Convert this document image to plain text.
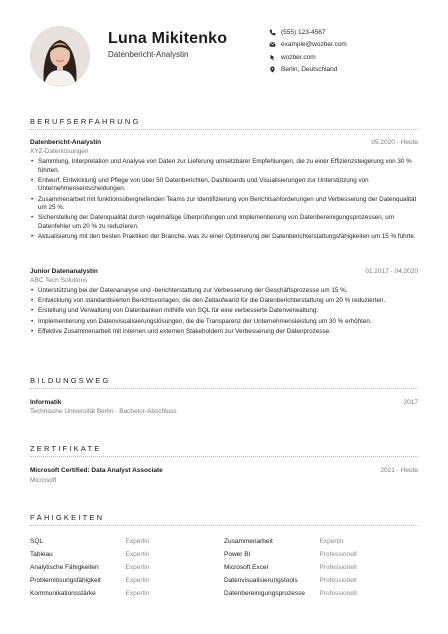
Luna Mikitenko
Datenbericht-Analystin
(555) 123-4567
example@wozber.com
wozber.com
Berlin, Deutschland
BERUFSERFAHRUNG
Datenbericht-Analystin	05.2020 - Heute
XYZ-Datenlösungen
• Sammlung, Interpretation und Analyse von Daten zur Lieferung umsetzbarer Empfehlungen, die zu einer Effizienzsteigerung von 30 % führten.
• Entwurf, Entwicklung und Pflege von über 50 Datenberichten, Dashboards und Visualisierungen zur Unterstützung von Unternehmensentscheidungen.
• Zusammenarbeit mit funktionsübergreifenden Teams zur Identifizierung von Berichtsanforderungen und Verbesserung der Datenqualität um 25 %.
• Sicherstellung der Datenqualität durch regelmäßige Überprüfungen und Implementierung von Datenbereinigungsprozessen, um Datenfehler um 20 % zu reduzieren.
• Aktualisierung mit den besten Praktiken der Branche, was zu einer Optimierung der Datenberichterstattungsfähigkeiten um 15 % führte.
Junior Datenanalystin	01.2017 - 04.2020
ABC Tech Solutions
• Unterstützung bei der Datenanalyse und -berichterstattung zur Verbesserung der Geschäftsprozesse um 15 %.
• Entwicklung von standardisierten Berichtsvorlagen, die den Zeitaufwand für die Datenberichterstattung um 20 % reduzierten.
• Erstellung und Verwaltung von Datenbanken mithilfe von SQL für eine verbesserte Datenverwaltung.
• Implementierung von Datenvisualisierungslösungen, die die Transparenz der Unternehmensleistung um 30 % erhöhten.
• Effektive Zusammenarbeit mit internen und externen Stakeholdern zur Verbesserung der Datenprozesse.
BILDUNGSWEG
Informatik	2017
Technische Universität Berlin - Bachelor-Abschluss
ZERTIFIKATE
Microsoft Certified: Data Analyst Associate	2021 - Heute
Microsoft
FÄHIGKEITEN
SQL	Expertin	Zusammenarbeit	Expertin
Tableau	Expertin	Power BI	Professionell
Analytische Fähigkeiten	Expertin	Microsoft Excel	Professionell
Problemlösungsfähigkeit	Expertin	Datenvisualisierungstools	Professionell
Kommunikationsstärke	Expertin	Datenbereinigungsprozesse	Professionell
